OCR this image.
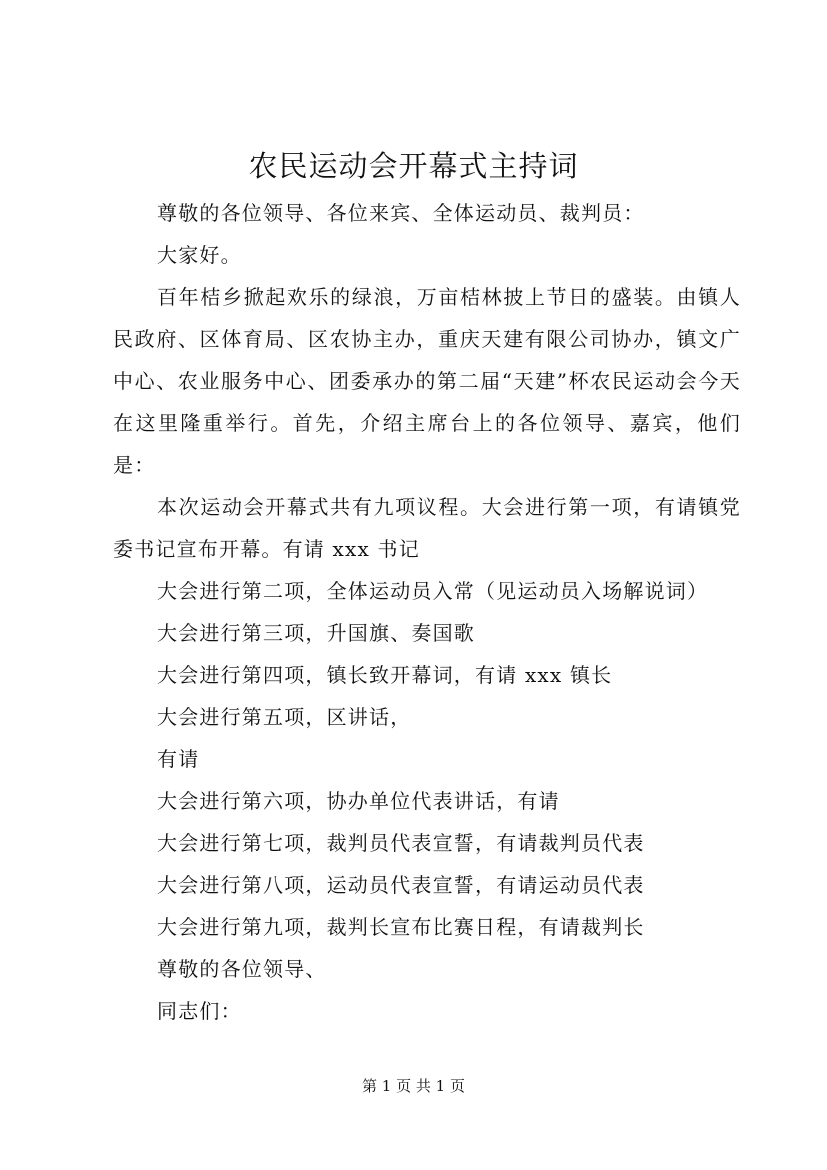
农民运动会开幕式主持词

尊敬的各位领导、各位来宾、全体运动员、裁判员：

大家好。

百年桔乡掀起欢乐的绿浪，万亩桔林披上节日的盛装。由镇人民政府、区体育局、区农协主办，重庆天建有限公司协办，镇文广中心、农业服务中心、团委承办的第二届“天建”杯农民运动会今天在这里隆重举行。首先，介绍主席台上的各位领导、嘉宾，他们是：

本次运动会开幕式共有九项议程。大会进行第一项，有请镇党委书记宣布开幕。有请 xxx 书记

大会进行第二项，全体运动员入常（见运动员入场解说词）

大会进行第三项，升国旗、奏国歌

大会进行第四项，镇长致开幕词，有请 xxx 镇长

大会进行第五项，区讲话，

有请

大会进行第六项，协办单位代表讲话，有请

大会进行第七项，裁判员代表宣誓，有请裁判员代表

大会进行第八项，运动员代表宣誓，有请运动员代表

大会进行第九项，裁判长宣布比赛日程，有请裁判长

尊敬的各位领导、

同志们：

第 1 页 共 1 页
